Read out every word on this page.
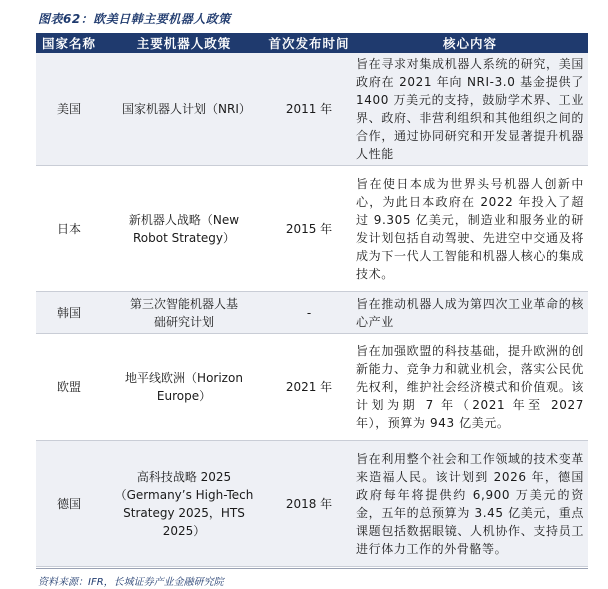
图表62：欧美日韩主要机器人政策
国家名称	主要机器人政策	首次发布时间	核心内容
美国	国家机器人计划（NRI）	2011 年	旨在寻求对集成机器人系统的研究，美国政府在 2021 年向 NRI-3.0 基金提供了 1400 万美元的支持，鼓励学术界、工业界、政府、非营利组织和其他组织之间的合作，通过协同研究和开发显著提升机器人性能
日本	新机器人战略（New Robot Strategy）	2015 年	旨在使日本成为世界头号机器人创新中心，为此日本政府在 2022 年投入了超过 9.305 亿美元，制造业和服务业的研发计划包括自动驾驶、先进空中交通及将成为下一代人工智能和机器人核心的集成技术。
韩国	第三次智能机器人基础研究计划	-	旨在推动机器人成为第四次工业革命的核心产业
欧盟	地平线欧洲（Horizon Europe）	2021 年	旨在加强欧盟的科技基础，提升欧洲的创新能力、竞争力和就业机会，落实公民优先权利，维护社会经济模式和价值观。该计划为期 7 年（2021 年至 2027 年），预算为 943 亿美元。
德国	高科技战略 2025（Germany’s High-Tech Strategy 2025，HTS 2025）	2018 年	旨在利用整个社会和工作领域的技术变革来造福人民。该计划到 2026 年，德国政府每年将提供约 6,900 万美元的资金，五年的总预算为 3.45 亿美元，重点课题包括数据眼镜、人机协作、支持员工进行体力工作的外骨骼等。
资料来源：IFR，长城证券产业金融研究院
